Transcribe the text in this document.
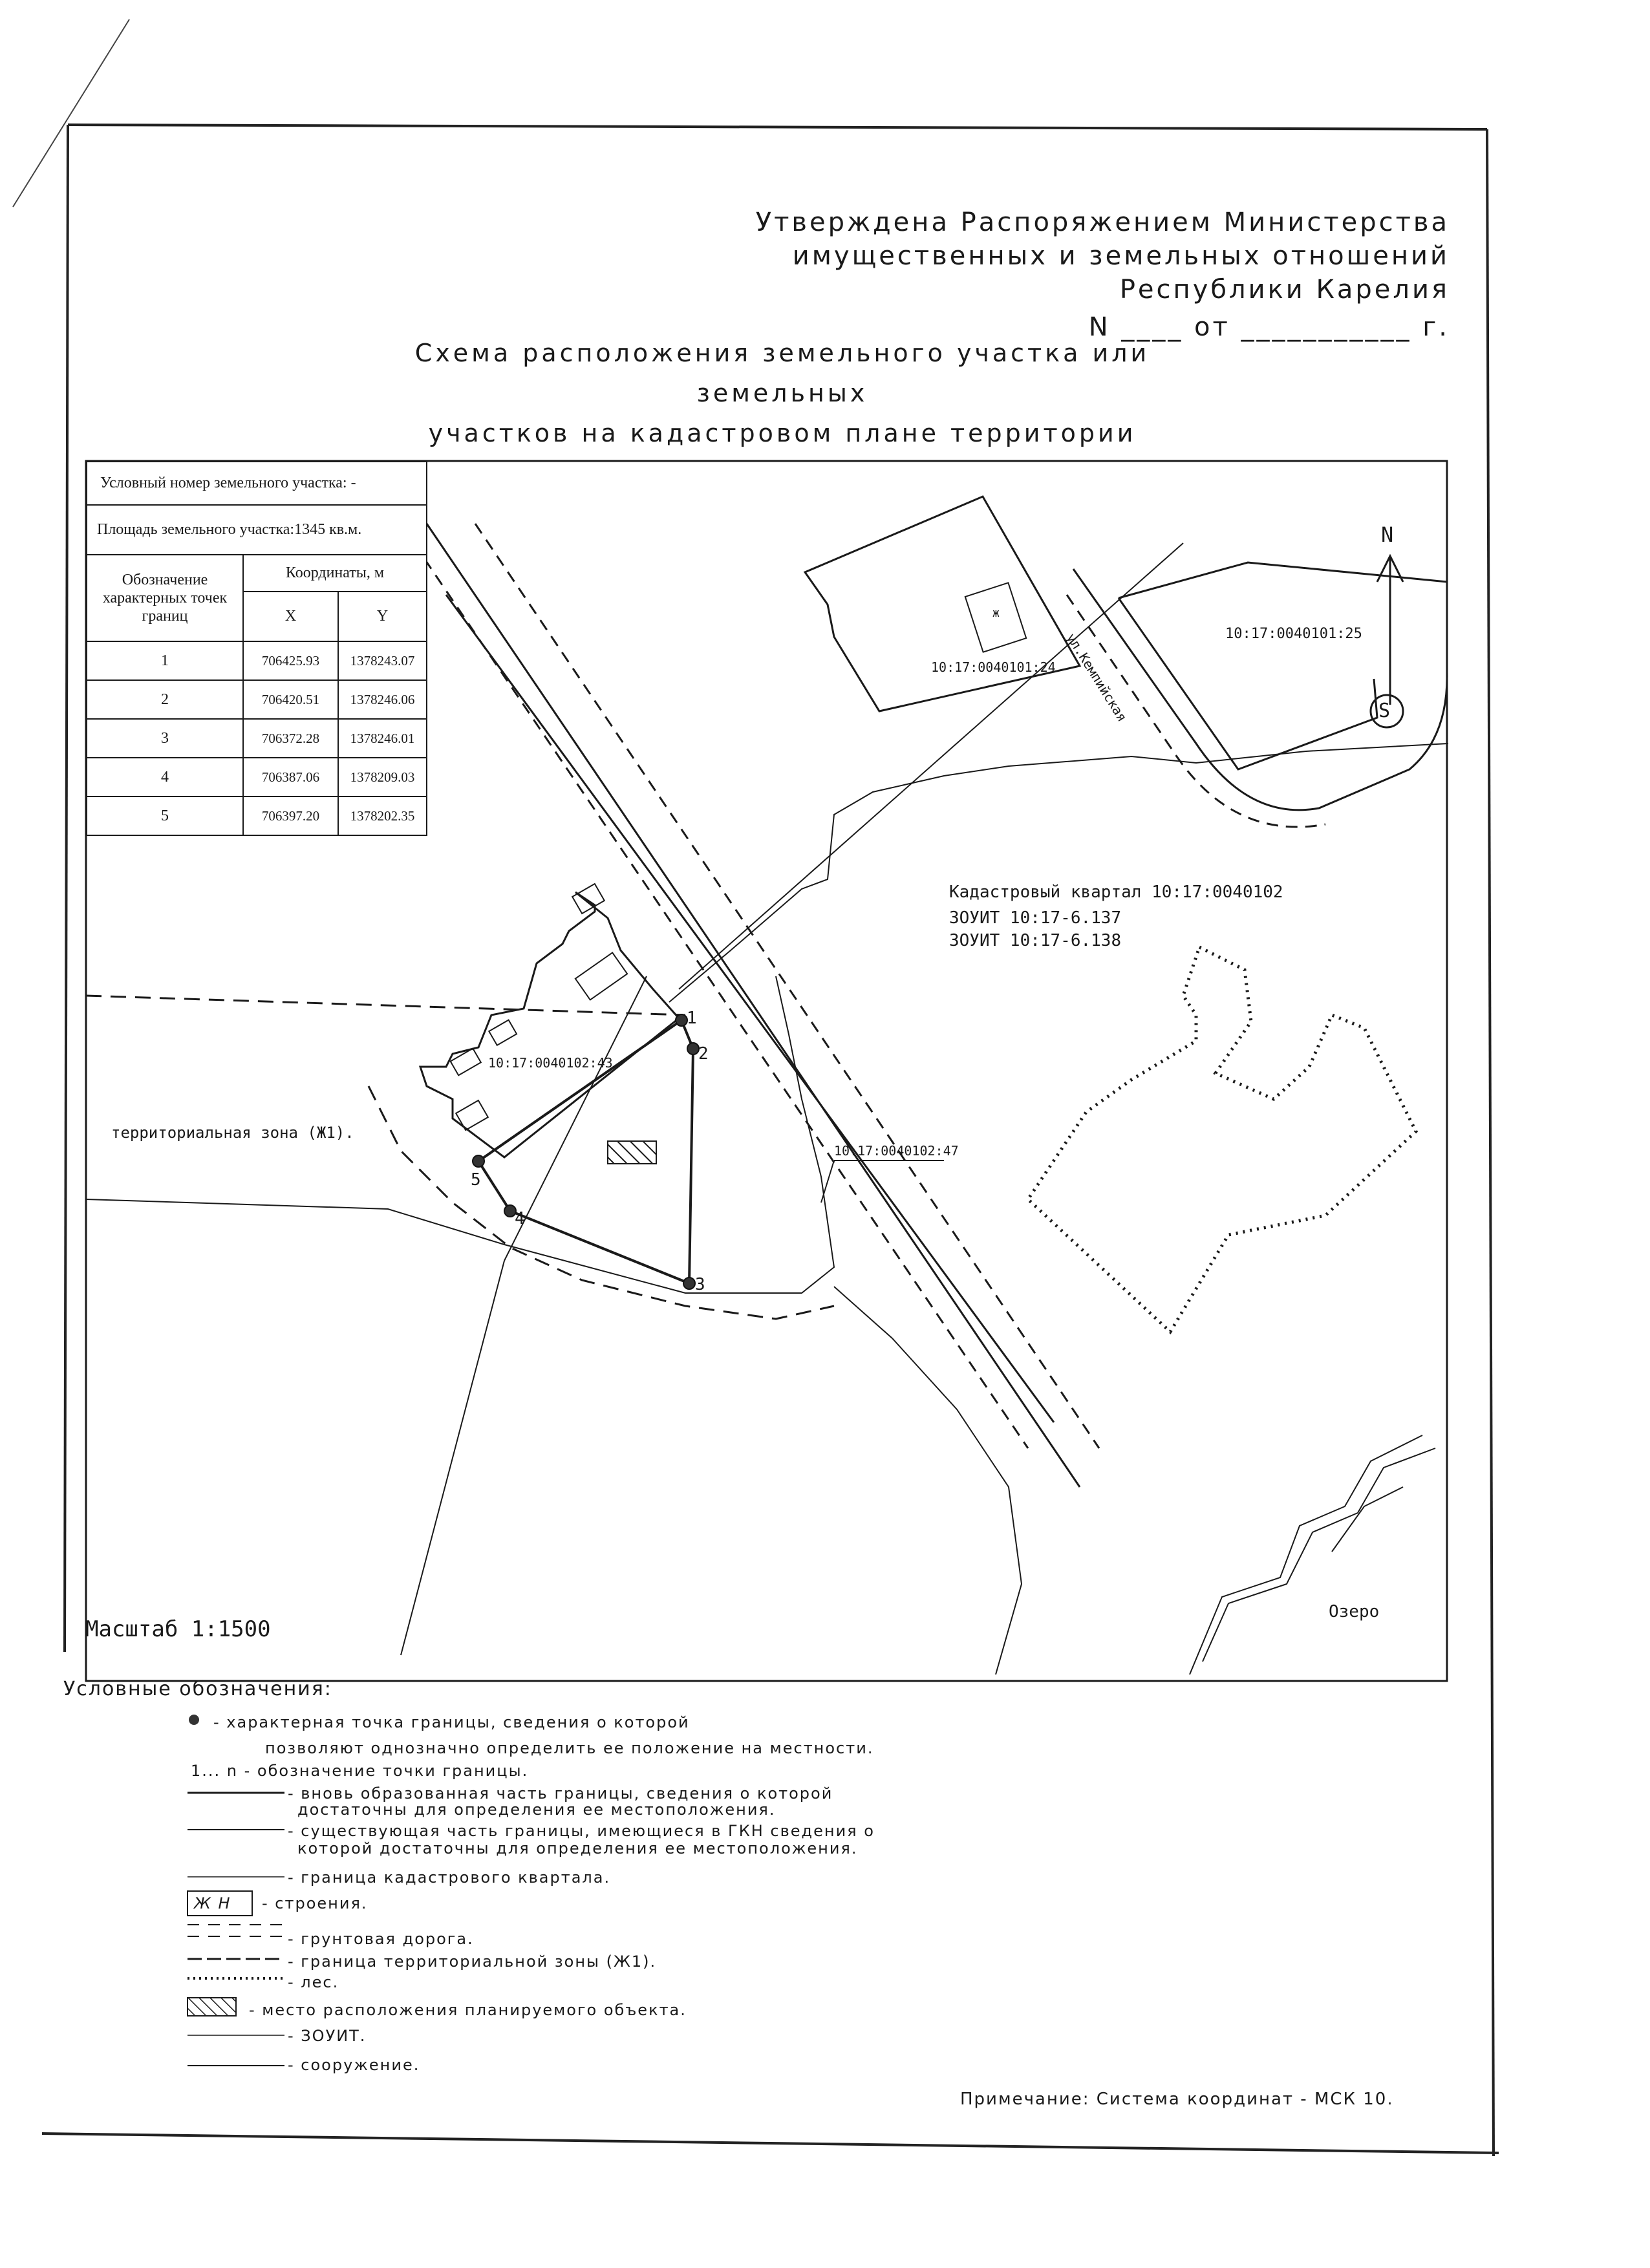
Утверждена Распоряжением Министерства
имущественных и земельных отношений
Республики Карелия
N ____ от ___________ г.
Схема расположения земельного участка или земельных
участков на кадастровом плане территории
Условный номер земельного участка: -		
Площадь земельного участка:1345 кв.м.		
Обозначение характерных точек границ	Координаты, м	
	X	Y
1	706425.93	1378243.07
2	706420.51	1378246.06
3	706372.28	1378246.01
4	706387.06	1378209.03
5	706397.20	1378202.35
10:17:0040101:24
10:17:0040101:25
ул.Кемпийская
Кадастровый квартал 10:17:0040102
ЗОУИТ 10:17-6.137
ЗОУИТ 10:17-6.138
10:17:0040102:43
10:17:0040102:47
территориальная зона (Ж1).
Озеро
N
S
Масштаб 1:1500
ж
1
2
3
4
5
Условные обозначения:
- характерная точка границы, сведения о которой
позволяют однозначно определить ее положение на местности.
1... n - обозначение точки границы.
- вновь образованная часть границы, сведения о которой
достаточны для определения ее местоположения.
- существующая часть границы, имеющиеся в ГКН сведения о
которой достаточны для определения ее местоположения.
- граница кадастрового квартала.
Ж Н - строения.
- грунтовая дорога.
- граница территориальной зоны (Ж1).
- лес.
- место расположения планируемого объекта.
- ЗОУИТ.
- сооружение.
Примечание: Система координат - МСК 10.
